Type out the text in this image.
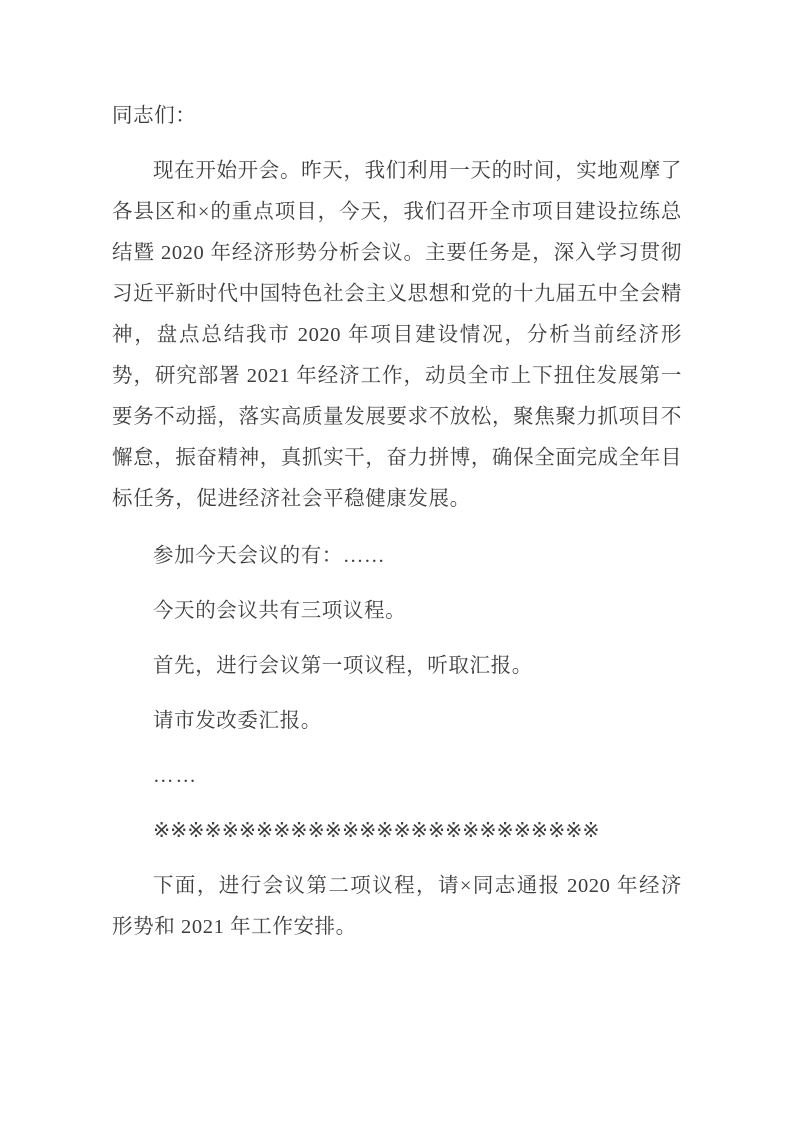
同志们：

现在开始开会。昨天，我们利用一天的时间，实地观摩了各县区和×的重点项目，今天，我们召开全市项目建设拉练总结暨 2020 年经济形势分析会议。主要任务是，深入学习贯彻习近平新时代中国特色社会主义思想和党的十九届五中全会精神，盘点总结我市 2020 年项目建设情况，分析当前经济形势，研究部署 2021 年经济工作，动员全市上下扭住发展第一要务不动摇，落实高质量发展要求不放松，聚焦聚力抓项目不懈怠，振奋精神，真抓实干，奋力拼博，确保全面完成全年目标任务，促进经济社会平稳健康发展。

参加今天会议的有：……

今天的会议共有三项议程。

首先，进行会议第一项议程，听取汇报。

请市发改委汇报。

……

※※※※※※※※※※※※※※※※※※※※※※※※※※

下面，进行会议第二项议程，请×同志通报 2020 年经济形势和 2021 年工作安排。
